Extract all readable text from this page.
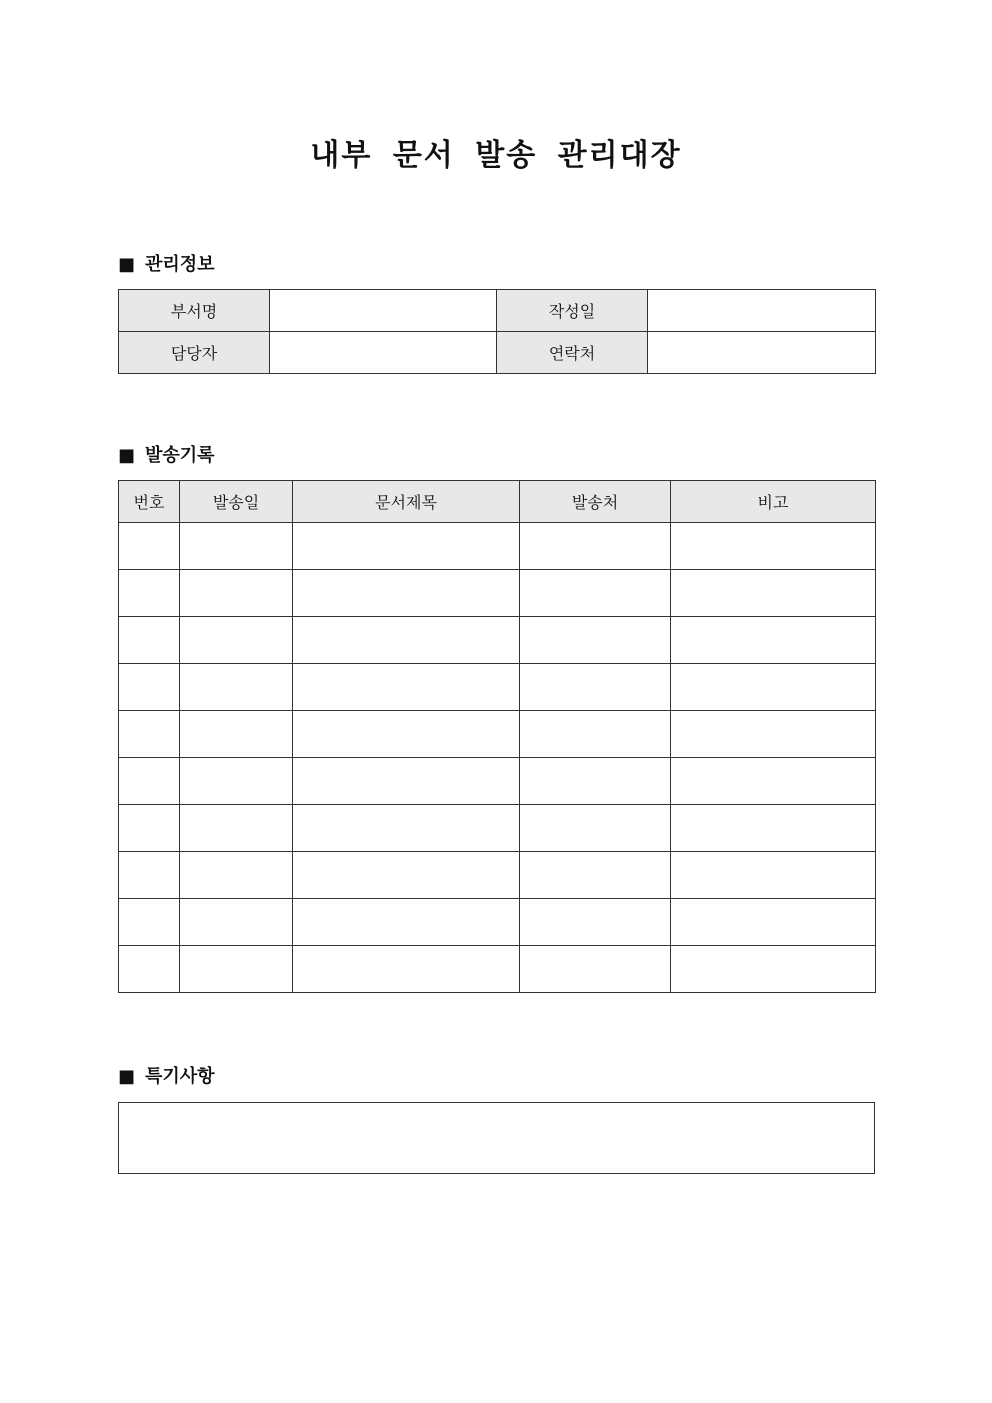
내부 문서 발송 관리대장
■ 관리정보
부서명		작성일	
담당자		연락처	
■ 발송기록
번호	발송일	문서제목	발송처	비고

■ 특기사항
